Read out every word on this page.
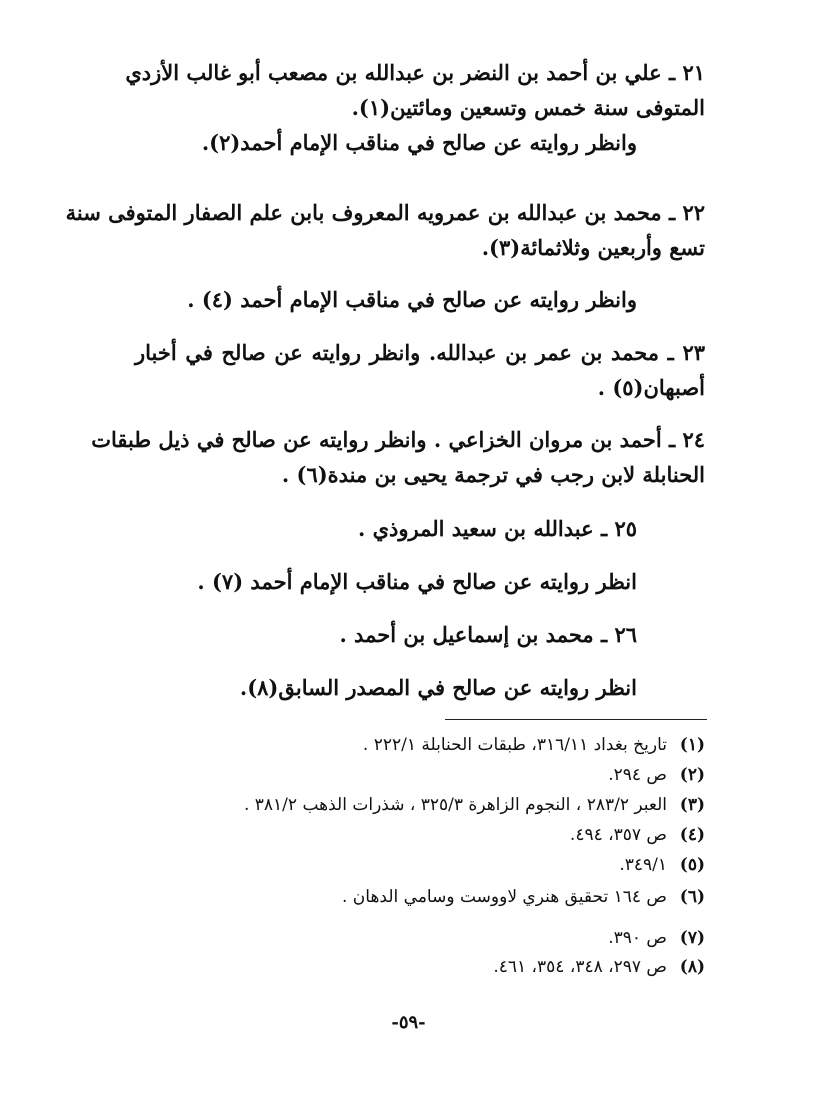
٢١ ـ علي بن أحمد بن النضر بن عبدالله بن مصعب أبو غالب الأزدي
المتوفى سنة خمس وتسعين ومائتين(١).
وانظر روايته عن صالح في مناقب الإمام أحمد(٢).
٢٢ ـ محمد بن عبدالله بن عمرويه المعروف بابن علم الصفار المتوفى سنة
تسع وأربعين وثلاثمائة(٣).
وانظر روايته عن صالح في مناقب الإمام أحمد (٤) .
٢٣ ـ محمد بن عمر بن عبدالله. وانظر روايته عن صالح في أخبار
أصبهان(٥) .
٢٤ ـ أحمد بن مروان الخزاعي . وانظر روايته عن صالح في ذيل طبقات
الحنابلة لابن رجب في ترجمة يحيى بن مندة(٦) .
٢٥ ـ عبدالله بن سعيد المروذي .
انظر روايته عن صالح في مناقب الإمام أحمد (٧) .
٢٦ ـ محمد بن إسماعيل بن أحمد .
انظر روايته عن صالح في المصدر السابق(٨).
(١)تاريخ بغداد ٣١٦/١١، طبقات الحنابلة ٢٢٢/١ .
(٢)ص ٢٩٤.
(٣)العبر ٢٨٣/٢ ، النجوم الزاهرة ٣٢٥/٣ ، شذرات الذهب ٣٨١/٢ .
(٤)ص ٣٥٧، ٤٩٤.
(٥)٣٤٩/١.
(٦)ص ١٦٤ تحقيق هنري لاووست وسامي الدهان .
(٧)ص ٣٩٠.
(٨)ص ٢٩٧، ٣٤٨، ٣٥٤، ٤٦١.
-٥٩-
